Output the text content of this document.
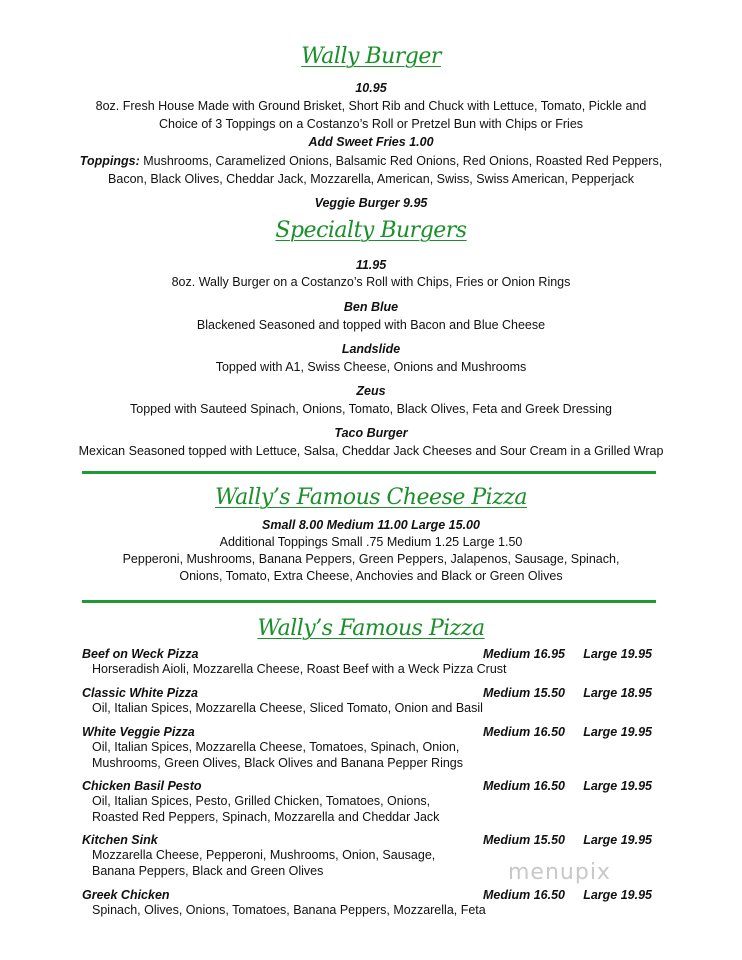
Wally Burger
10.95
8oz. Fresh House Made with Ground Brisket, Short Rib and Chuck with Lettuce, Tomato, Pickle and
Choice of 3 Toppings on a Costanzo’s Roll or Pretzel Bun with Chips or Fries
Add Sweet Fries 1.00
Toppings: Mushrooms, Caramelized Onions, Balsamic Red Onions, Red Onions, Roasted Red Peppers,
Bacon, Black Olives, Cheddar Jack, Mozzarella, American, Swiss, Swiss American, Pepperjack
Veggie Burger 9.95
Specialty Burgers
11.95
8oz. Wally Burger on a Costanzo’s Roll with Chips, Fries or Onion Rings
Ben Blue
Blackened Seasoned and topped with Bacon and Blue Cheese
Landslide
Topped with A1, Swiss Cheese, Onions and Mushrooms
Zeus
Topped with Sauteed Spinach, Onions, Tomato, Black Olives, Feta and Greek Dressing
Taco Burger
Mexican Seasoned topped with Lettuce, Salsa, Cheddar Jack Cheeses and Sour Cream in a Grilled Wrap
Wally’s Famous Cheese Pizza
Small 8.00 Medium 11.00 Large 15.00
Additional Toppings Small .75 Medium 1.25 Large 1.50
Pepperoni, Mushrooms, Banana Peppers, Green Peppers, Jalapenos, Sausage, Spinach,
Onions, Tomato, Extra Cheese, Anchovies and Black or Green Olives
Wally’s Famous Pizza
Beef on Weck Pizza
Horseradish Aioli, Mozzarella Cheese, Roast Beef with a Weck Pizza Crust
Medium 16.95	Large 19.95
Classic White Pizza
Oil, Italian Spices, Mozzarella Cheese, Sliced Tomato, Onion and Basil
Medium 15.50	Large 18.95
White Veggie Pizza
Oil, Italian Spices, Mozzarella Cheese, Tomatoes, Spinach, Onion,
Mushrooms, Green Olives, Black Olives and Banana Pepper Rings
Medium 16.50	Large 19.95
Chicken Basil Pesto
Oil, Italian Spices, Pesto, Grilled Chicken, Tomatoes, Onions,
Roasted Red Peppers, Spinach, Mozzarella and Cheddar Jack
Medium 16.50	Large 19.95
Kitchen Sink
Mozzarella Cheese, Pepperoni, Mushrooms, Onion, Sausage,
Banana Peppers, Black and Green Olives
Medium 15.50	Large 19.95
Greek Chicken
Spinach, Olives, Onions, Tomatoes, Banana Peppers, Mozzarella, Feta
Medium 16.50	Large 19.95
menupix
